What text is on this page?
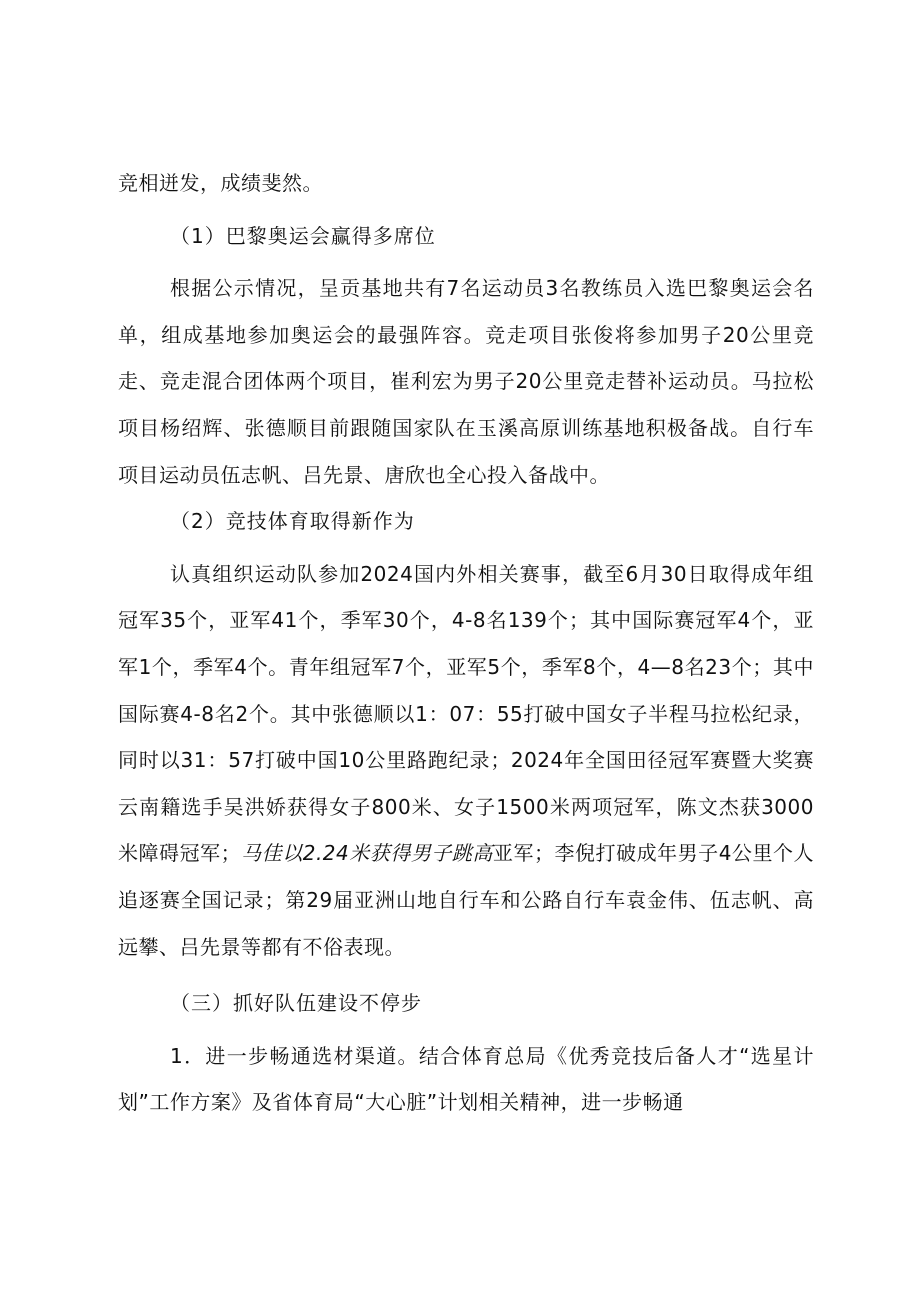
竞相迸发，成绩斐然。

（1）巴黎奥运会赢得多席位

根据公示情况，呈贡基地共有7名运动员3名教练员入选巴黎奥运会名单，组成基地参加奥运会的最强阵容。竞走项目张俊将参加男子20公里竞走、竞走混合团体两个项目，崔利宏为男子20公里竞走替补运动员。马拉松项目杨绍辉、张德顺目前跟随国家队在玉溪高原训练基地积极备战。自行车项目运动员伍志帆、吕先景、唐欣也全心投入备战中。

（2）竞技体育取得新作为

认真组织运动队参加2024国内外相关赛事，截至6月30日取得成年组冠军35个，亚军41个，季军30个，4-8名139个；其中国际赛冠军4个，亚军1个，季军4个。青年组冠军7个，亚军5个，季军8个，4—8名23个；其中国际赛4-8名2个。其中张德顺以1：07：55打破中国女子半程马拉松纪录，同时以31：57打破中国10公里路跑纪录；2024年全国田径冠军赛暨大奖赛云南籍选手吴洪娇获得女子800米、女子1500米两项冠军，陈文杰获3000米障碍冠军；马佳以2.24米获得男子跳高亚军；李倪打破成年男子4公里个人追逐赛全国记录；第29届亚洲山地自行车和公路自行车袁金伟、伍志帆、高远攀、吕先景等都有不俗表现。

（三）抓好队伍建设不停步

1．进一步畅通选材渠道。结合体育总局《优秀竞技后备人才“选星计划”工作方案》及省体育局“大心脏”计划相关精神，进一步畅通
